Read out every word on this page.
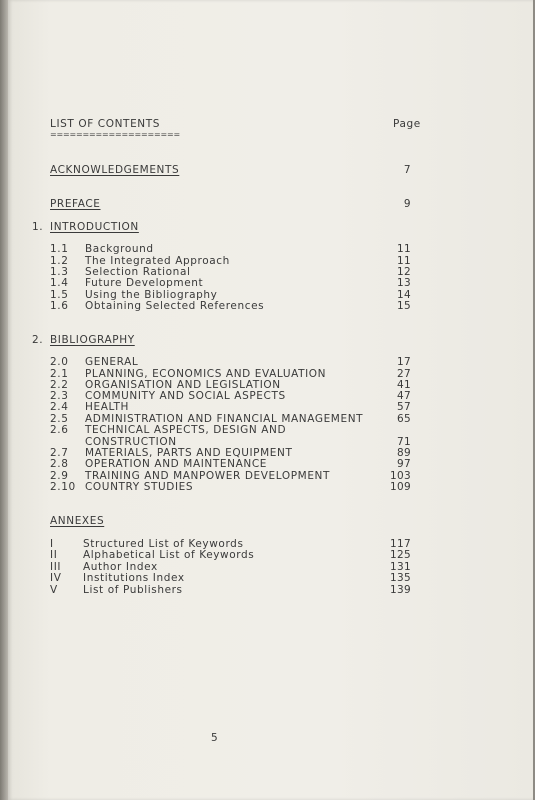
LIST OF CONTENTS
====================
Page
ACKNOWLEDGEMENTS	7
PREFACE	9
1. INTRODUCTION
1.1 Background	11
1.2 The Integrated Approach	11
1.3 Selection Rational	12
1.4 Future Development	13
1.5 Using the Bibliography	14
1.6 Obtaining Selected References	15
2. BIBLIOGRAPHY
2.0 GENERAL	17
2.1 PLANNING, ECONOMICS AND EVALUATION	27
2.2 ORGANISATION AND LEGISLATION	41
2.3 COMMUNITY AND SOCIAL ASPECTS	47
2.4 HEALTH	57
2.5 ADMINISTRATION AND FINANCIAL MANAGEMENT	65
2.6 TECHNICAL ASPECTS, DESIGN AND
CONSTRUCTION	71
2.7 MATERIALS, PARTS AND EQUIPMENT	89
2.8 OPERATION AND MAINTENANCE	97
2.9 TRAINING AND MANPOWER DEVELOPMENT	103
2.10 COUNTRY STUDIES	109
ANNEXES
I	Structured List of Keywords	117
II Alphabetical List of Keywords	125
III Author Index	131
IV Institutions Index	135
V List of Publishers	139
5
